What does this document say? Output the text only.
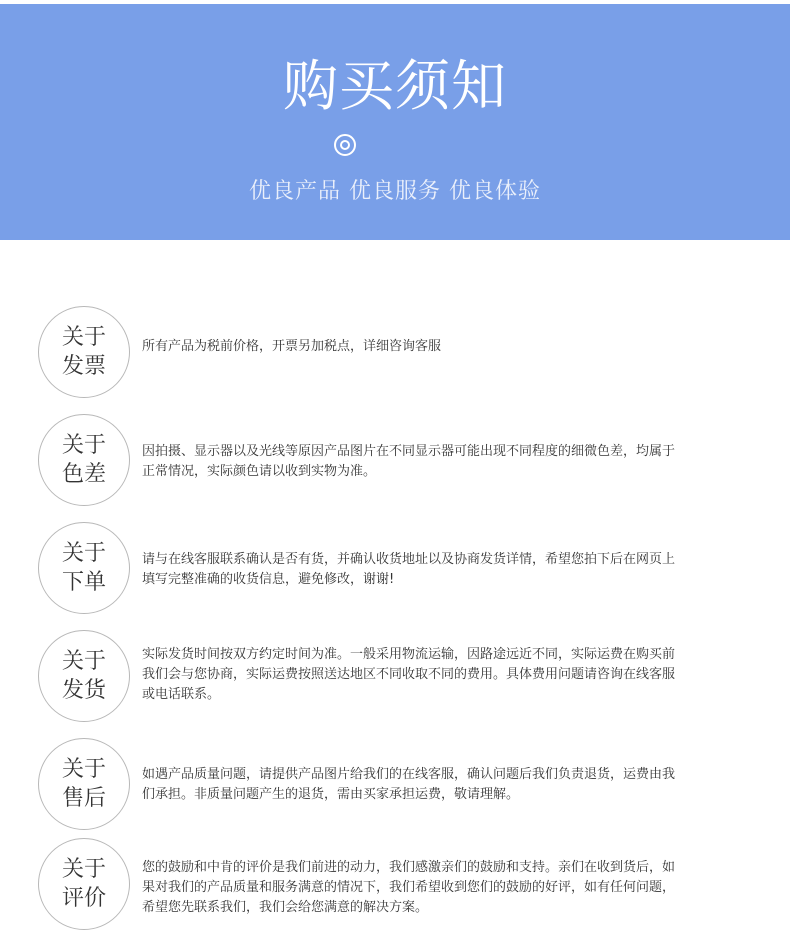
购买须知
优良产品 优良服务 优良体验
关于
发票
所有产品为税前价格，开票另加税点，详细咨询客服
关于
色差
因拍摄、显示器以及光线等原因产品图片在不同显示器可能出现不同程度的细微色差，均属于正常情况，实际颜色请以收到实物为准。
关于
下单
请与在线客服联系确认是否有货，并确认收货地址以及协商发货详情，希望您拍下后在网页上填写完整准确的收货信息，避免修改，谢谢!
关于
发货
实际发货时间按双方约定时间为准。一般采用物流运输，因路途远近不同，实际运费在购买前我们会与您协商，实际运费按照送达地区不同收取不同的费用。具体费用问题请咨询在线客服或电话联系。
关于
售后
如遇产品质量问题，请提供产品图片给我们的在线客服，确认问题后我们负责退货，运费由我们承担。非质量问题产生的退货，需由买家承担运费，敬请理解。
关于
评价
您的鼓励和中肯的评价是我们前进的动力，我们感激亲们的鼓励和支持。亲们在收到货后，如果对我们的产品质量和服务满意的情况下，我们希望收到您们的鼓励的好评，如有任何问题，希望您先联系我们，我们会给您满意的解决方案。
